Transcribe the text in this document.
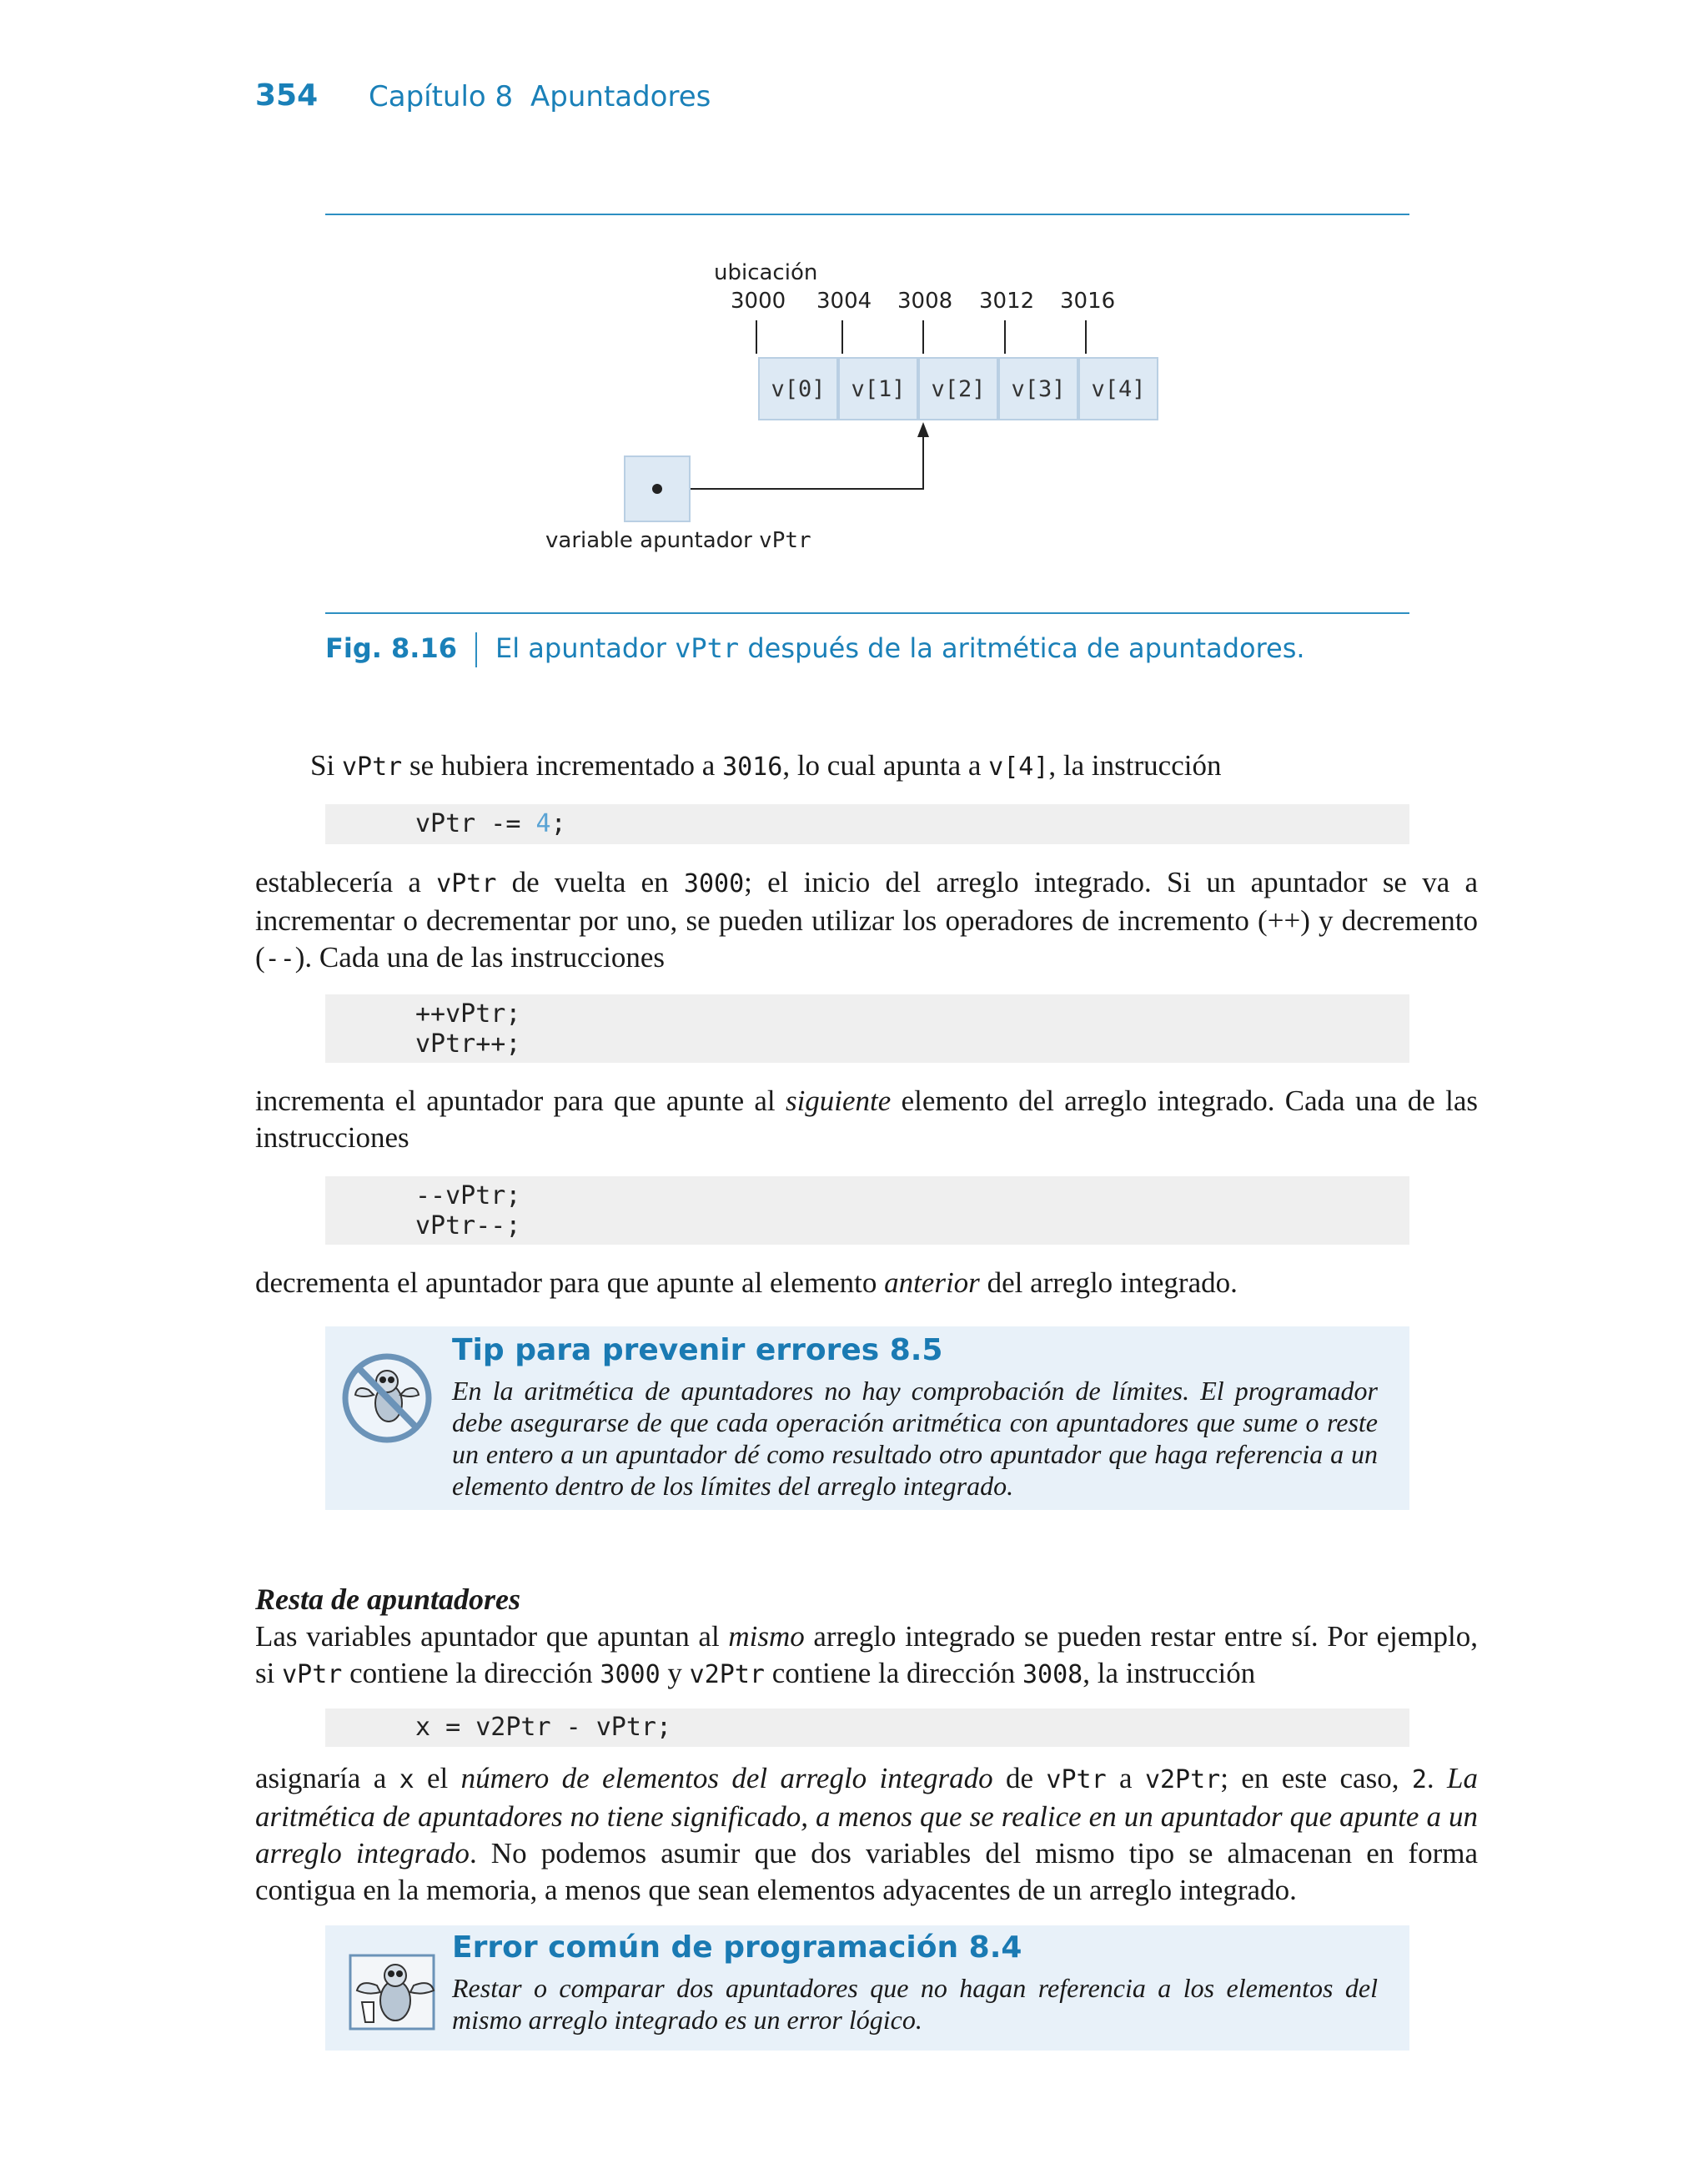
354 Capítulo 8 Apuntadores
ubicación
3000 3004 3008 3012 3016
v[0]	v[1]	v[2]	v[3]	v[4]
variable apuntador vPtr
Fig. 8.16 El apuntador vPtr después de la aritmética de apuntadores.
Si vPtr se hubiera incrementado a 3016, lo cual apunta a v[4], la instrucción
vPtr -= 4;
establecería a vPtr de vuelta en 3000; el inicio del arreglo integrado. Si un apuntador se va a incrementar o decrementar por uno, se pueden utilizar los operadores de incremento (++) y decremento (--). Cada una de las instrucciones
++vPtr;
vPtr++;
incrementa el apuntador para que apunte al siguiente elemento del arreglo integrado. Cada una de las instrucciones
--vPtr;
vPtr--;
decrementa el apuntador para que apunte al elemento anterior del arreglo integrado.
Tip para prevenir errores 8.5
En la aritmética de apuntadores no hay comprobación de límites. El programador debe asegurarse de que cada operación aritmética con apuntadores que sume o reste un entero a un apuntador dé como resultado otro apuntador que haga referencia a un elemento dentro de los límites del arreglo integrado.
Resta de apuntadores
Las variables apuntador que apuntan al mismo arreglo integrado se pueden restar entre sí. Por ejemplo, si vPtr contiene la dirección 3000 y v2Ptr contiene la dirección 3008, la instrucción
x = v2Ptr - vPtr;
asignaría a x el número de elementos del arreglo integrado de vPtr a v2Ptr; en este caso, 2. La aritmética de apuntadores no tiene significado, a menos que se realice en un apuntador que apunte a un arreglo integrado. No podemos asumir que dos variables del mismo tipo se almacenan en forma contigua en la memoria, a menos que sean elementos adyacentes de un arreglo integrado.
Error común de programación 8.4
Restar o comparar dos apuntadores que no hagan referencia a los elementos del mismo arreglo integrado es un error lógico.
